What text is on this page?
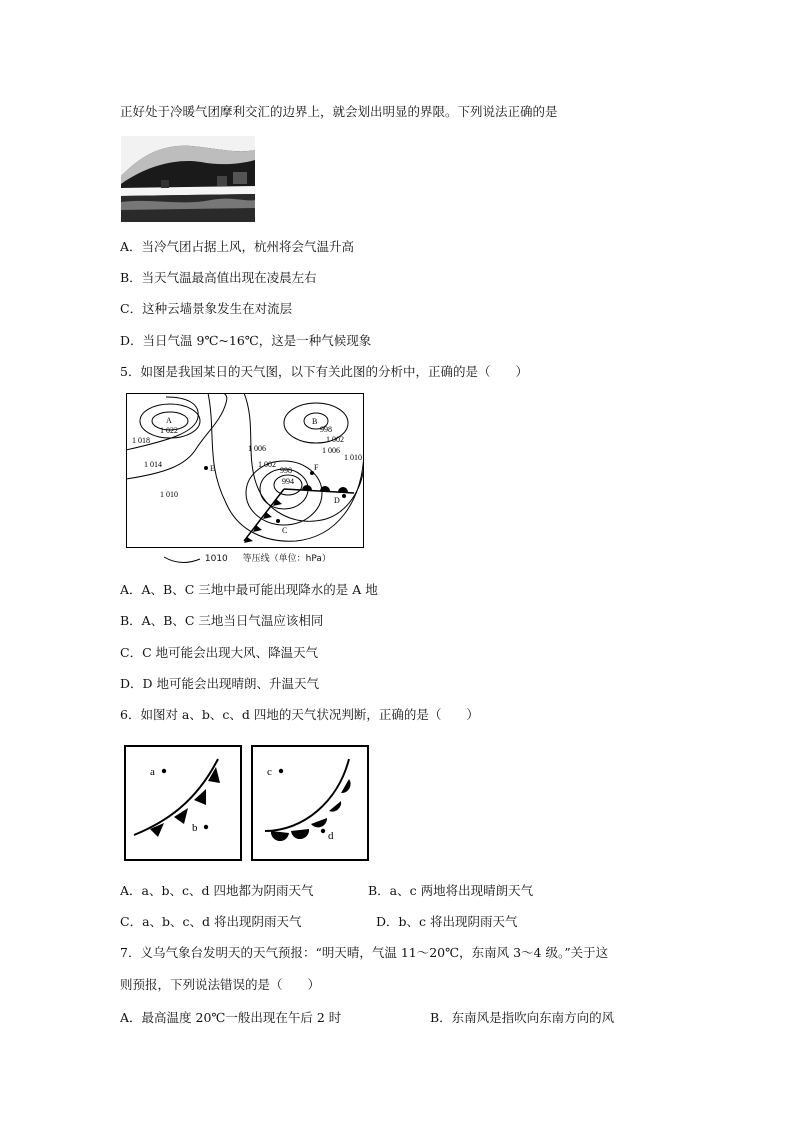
正好处于冷暖气团摩利交汇的边界上，就会划出明显的界限。下列说法正确的是
A．当冷气团占据上风，杭州将会气温升高
B．当天气温最高值出现在凌晨左右
C．这种云墙景象发生在对流层
D．当日气温 9℃~16℃，这是一种气候现象
5．如图是我国某日的天气图，以下有关此图的分析中，正确的是（　　）
A	B
C
D
E	F
1 022
1 018
1 014
1 010
1 006
1 002
998
994
998
1 002
1 006
1 010
1010 等压线（单位：hPa）
A．A、B、C 三地中最可能出现降水的是 A 地
B．A、B、C 三地当日气温应该相同
C．C 地可能会出现大风、降温天气
D．D 地可能会出现晴朗、升温天气
6．如图对 a、b、c、d 四地的天气状况判断，正确的是（　　）
a
b
c
d
A．a、b、c、d 四地都为阴雨天气	B．a、c 两地将出现晴朗天气
C．a、b、c、d 将出现阴雨天气	D．b、c 将出现阴雨天气
7．义乌气象台发明天的天气预报：“明天晴，气温 11～20℃，东南风 3～4 级。”关于这
则预报，下列说法错误的是（　　）
A．最高温度 20℃一般出现在午后 2 时	B．东南风是指吹向东南方向的风
